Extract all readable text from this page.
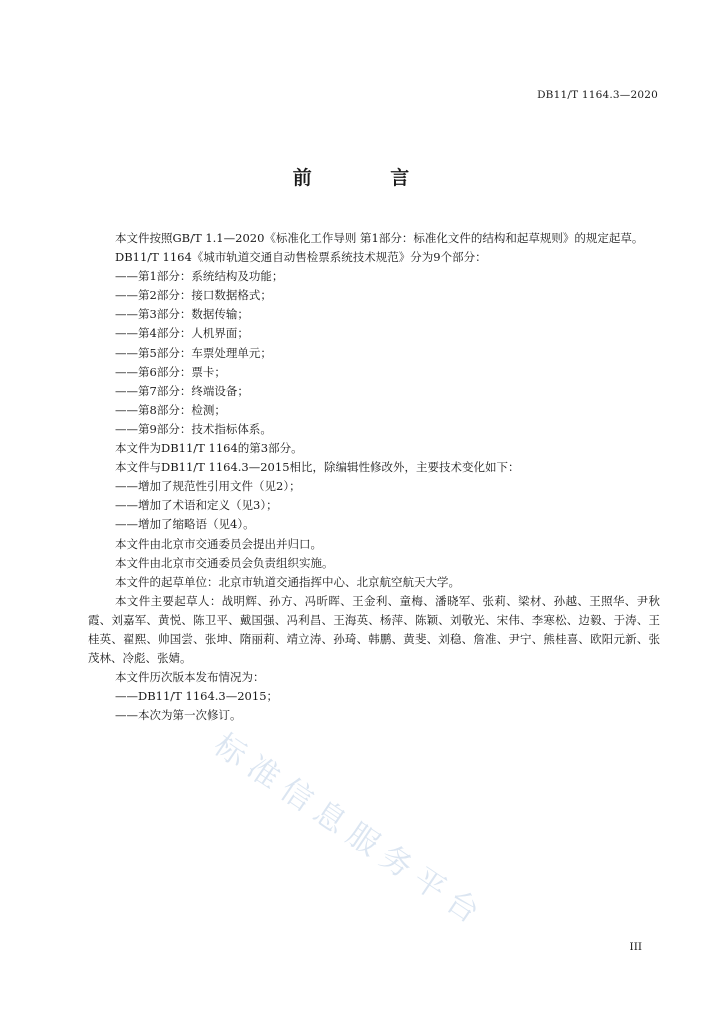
DB11/T 1164.3—2020
标准信息服务平台
前 言

本文件按照GB/T 1.1—2020《标准化工作导则 第1部分：标准化文件的结构和起草规则》的规定起草。

DB11/T 1164《城市轨道交通自动售检票系统技术规范》分为9个部分：

——第1部分：系统结构及功能；

——第2部分：接口数据格式；

——第3部分：数据传输；

——第4部分：人机界面；

——第5部分：车票处理单元；

——第6部分：票卡；

——第7部分：终端设备；

——第8部分：检测；

——第9部分：技术指标体系。

本文件为DB11/T 1164的第3部分。

本文件与DB11/T 1164.3—2015相比，除编辑性修改外，主要技术变化如下：

——增加了规范性引用文件（见2）；

——增加了术语和定义（见3）；

——增加了缩略语（见4）。

本文件由北京市交通委员会提出并归口。

本文件由北京市交通委员会负责组织实施。

本文件的起草单位：北京市轨道交通指挥中心、北京航空航天大学。

本文件主要起草人：战明辉、孙方、冯昕晖、王金利、童梅、潘晓军、张莉、梁材、孙越、王照华、尹秋霞、刘嘉军、黄悦、陈卫平、戴国强、冯利昌、王海英、杨萍、陈颖、刘敬光、宋伟、李寒松、边毅、于涛、王桂英、翟熙、帅国尝、张坤、隋丽莉、靖立涛、孙琦、韩鹏、黄斐、刘稳、詹准、尹宁、熊桂喜、欧阳元新、张茂林、冷彪、张婧。

本文件历次版本发布情况为：

——DB11/T 1164.3—2015；

——本次为第一次修订。

III
